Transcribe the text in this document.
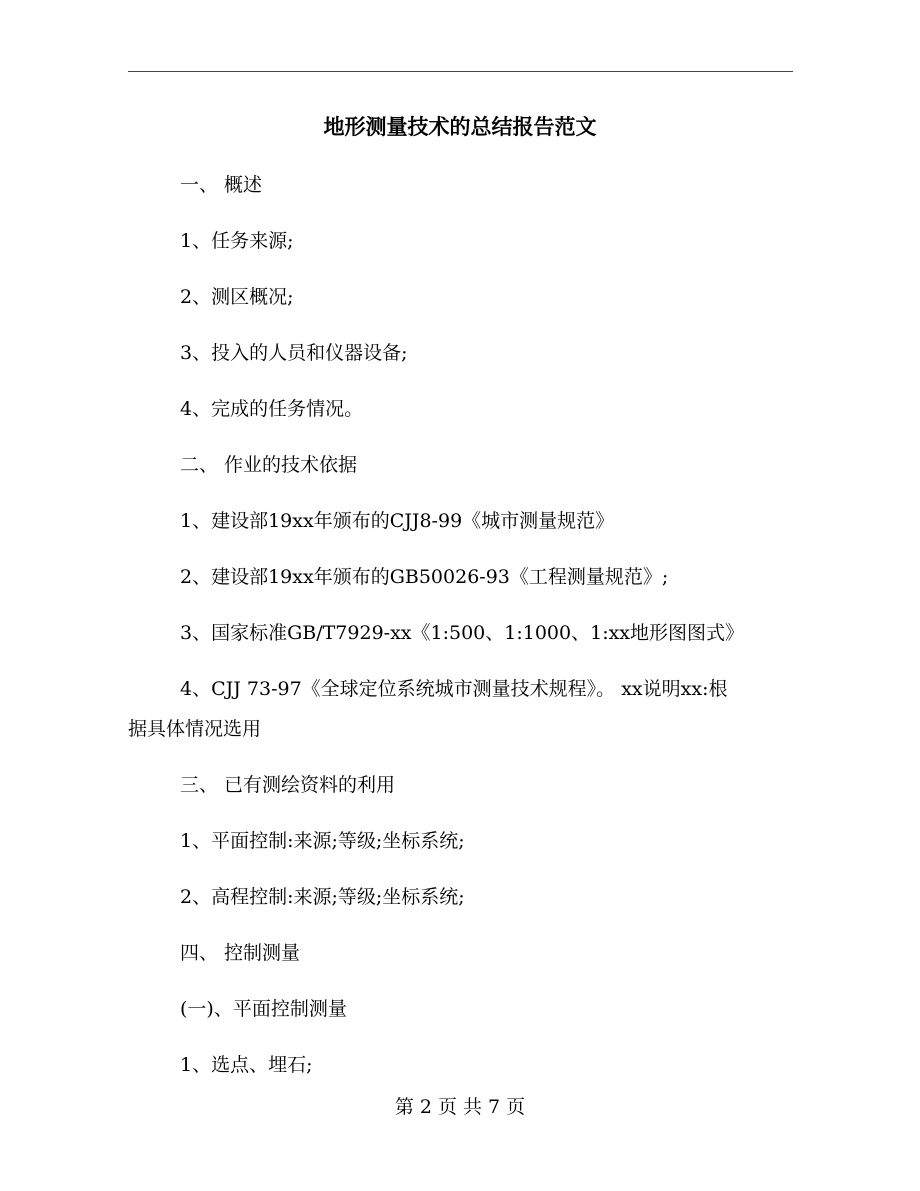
地形测量技术的总结报告范文
一、 概述
1、任务来源;
2、测区概况;
3、投入的人员和仪器设备;
4、完成的任务情况。
二、 作业的技术依据
1、建设部19xx年颁布的CJJ8-99《城市测量规范》
2、建设部19xx年颁布的GB50026-93《工程测量规范》;
3、国家标准GB/T7929-xx《1:500、1:1000、1:xx地形图图式》
4、CJJ 73-97《全球定位系统城市测量技术规程》。 xx说明xx:根
据具体情况选用
三、 已有测绘资料的利用
1、平面控制:来源;等级;坐标系统;
2、高程控制:来源;等级;坐标系统;
四、 控制测量
(一)、平面控制测量
1、选点、埋石;
第 2 页 共 7 页
